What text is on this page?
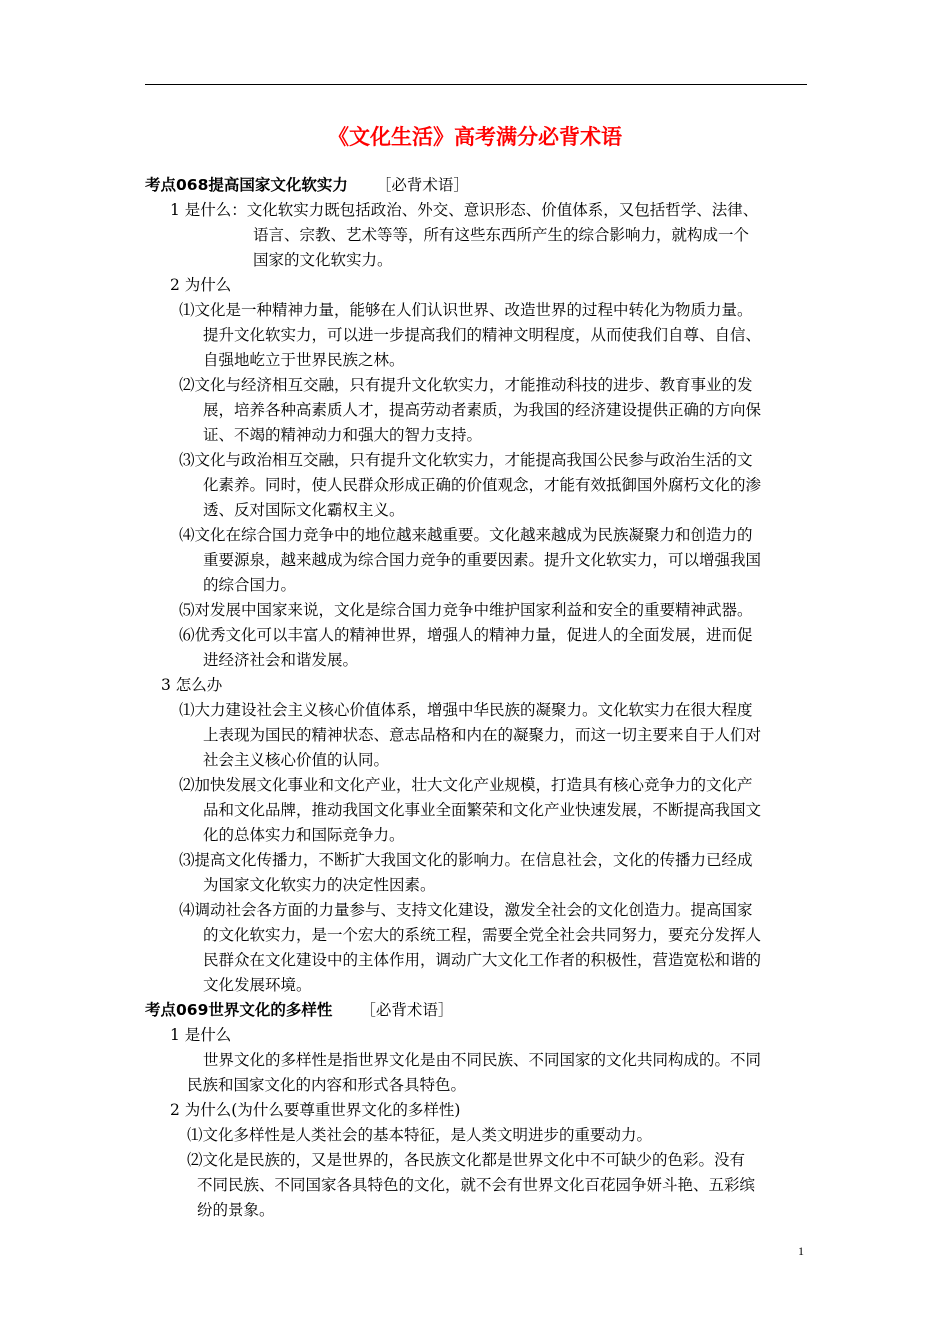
《文化生活》高考满分必背术语
考点068提高国家文化软实力 ［必背术语］
1 是什么：文化软实力既包括政治、外交、意识形态、价值体系，又包括哲学、法律、
语言、宗教、艺术等等，所有这些东西所产生的综合影响力，就构成一个
国家的文化软实力。
2 为什么
⑴文化是一种精神力量，能够在人们认识世界、改造世界的过程中转化为物质力量。
提升文化软实力，可以进一步提高我们的精神文明程度，从而使我们自尊、自信、
自强地屹立于世界民族之林。
⑵文化与经济相互交融，只有提升文化软实力，才能推动科技的进步、教育事业的发
展，培养各种高素质人才，提高劳动者素质，为我国的经济建设提供正确的方向保
证、不竭的精神动力和强大的智力支持。
⑶文化与政治相互交融，只有提升文化软实力，才能提高我国公民参与政治生活的文
化素养。同时，使人民群众形成正确的价值观念，才能有效抵御国外腐朽文化的渗
透、反对国际文化霸权主义。
⑷文化在综合国力竞争中的地位越来越重要。文化越来越成为民族凝聚力和创造力的
重要源泉，越来越成为综合国力竞争的重要因素。提升文化软实力，可以增强我国
的综合国力。
⑸对发展中国家来说，文化是综合国力竞争中维护国家利益和安全的重要精神武器。
⑹优秀文化可以丰富人的精神世界，增强人的精神力量，促进人的全面发展，进而促
进经济社会和谐发展。
3 怎么办
⑴大力建设社会主义核心价值体系，增强中华民族的凝聚力。文化软实力在很大程度
上表现为国民的精神状态、意志品格和内在的凝聚力，而这一切主要来自于人们对
社会主义核心价值的认同。
⑵加快发展文化事业和文化产业，壮大文化产业规模，打造具有核心竞争力的文化产
品和文化品牌，推动我国文化事业全面繁荣和文化产业快速发展，不断提高我国文
化的总体实力和国际竞争力。
⑶提高文化传播力，不断扩大我国文化的影响力。在信息社会，文化的传播力已经成
为国家文化软实力的决定性因素。
⑷调动社会各方面的力量参与、支持文化建设，激发全社会的文化创造力。提高国家
的文化软实力，是一个宏大的系统工程，需要全党全社会共同努力，要充分发挥人
民群众在文化建设中的主体作用，调动广大文化工作者的积极性，营造宽松和谐的
文化发展环境。
考点069世界文化的多样性 ［必背术语］
1 是什么
世界文化的多样性是指世界文化是由不同民族、不同国家的文化共同构成的。不同
民族和国家文化的内容和形式各具特色。
2 为什么(为什么要尊重世界文化的多样性)
⑴文化多样性是人类社会的基本特征，是人类文明进步的重要动力。
⑵文化是民族的，又是世界的，各民族文化都是世界文化中不可缺少的色彩。没有
不同民族、不同国家各具特色的文化，就不会有世界文化百花园争妍斗艳、五彩缤
纷的景象。
1
